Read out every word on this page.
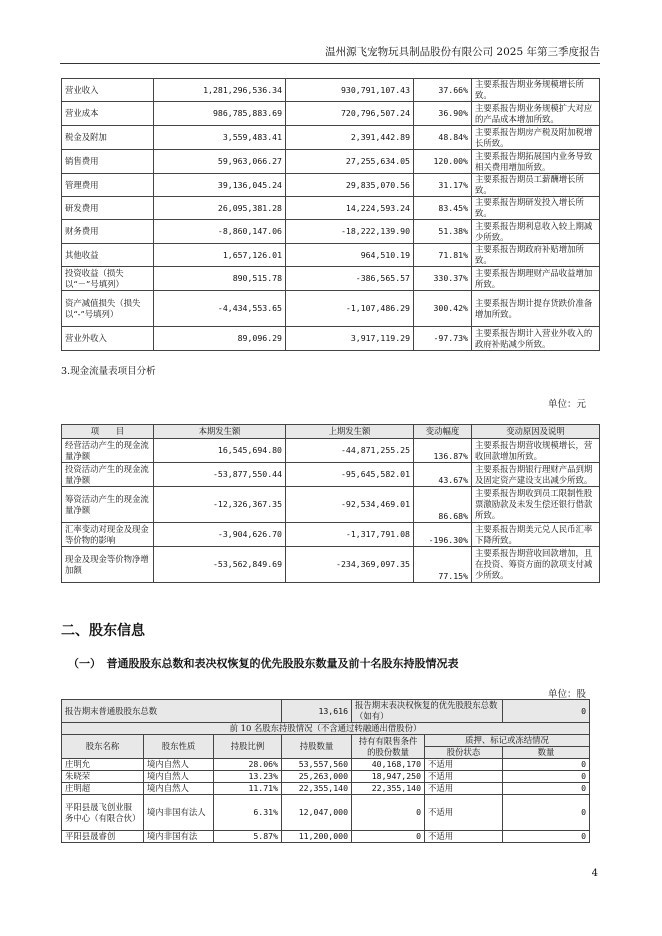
温州源飞宠物玩具制品股份有限公司 2025 年第三季度报告
营业收入	1,281,296,536.34	930,791,107.43	37.66%	主要系报告期业务规模增长所致。
营业成本	986,785,883.69	720,796,507.24	36.90%	主要系报告期业务规模扩大对应的产品成本增加所致。
税金及附加	3,559,483.41	2,391,442.89	48.84%	主要系报告期房产税及附加税增长所致。
销售费用	59,963,066.27	27,255,634.05	120.00%	主要系报告期拓展国内业务导致相关费用增加所致。
管理费用	39,136,045.24	29,835,070.56	31.17%	主要系报告期员工薪酬增长所致。
研发费用	26,095,381.28	14,224,593.24	83.45%	主要系报告期研发投入增长所致。
财务费用	-8,860,147.06	-18,222,139.90	51.38%	主要系报告期利息收入较上期减少所致。
其他收益	1,657,126.01	964,510.19	71.81%	主要系报告期政府补贴增加所致。
投资收益（损失以“－”号填列）	890,515.78	-386,565.57	330.37%	主要系报告期理财产品收益增加所致。
资产减值损失（损失以“-”号填列）	-4,434,553.65	-1,107,486.29	300.42%	主要系报告期计提存货跌价准备增加所致。
营业外收入	89,096.29	3,917,119.29	-97.73%	主要系报告期计入营业外收入的政府补贴减少所致。
3.现金流量表项目分析
单位：元
项　　目	本期发生额	上期发生额	变动幅度	变动原因及说明
经营活动产生的现金流量净额	16,545,694.80	-44,871,255.25	136.87%	主要系报告期营收规模增长，营收回款增加所致。
投资活动产生的现金流量净额	-53,877,550.44	-95,645,582.01	43.67%	主要系报告期银行理财产品到期及固定资产建设支出减少所致。
筹资活动产生的现金流量净额	-12,326,367.35	-92,534,469.01	86.68%	主要系报告期收到员工限制性股票激励款及未发生偿还银行借款所致。
汇率变动对现金及现金等价物的影响	-3,904,626.70	-1,317,791.08	-196.30%	主要系报告期美元兑人民币汇率下降所致。
现金及现金等价物净增加额	-53,562,849.69	-234,369,097.35	77.15%	主要系报告期营收回款增加，且在投资、筹资方面的款项支付减少所致。
二、股东信息
（一）　普通股股东总数和表决权恢复的优先股股东数量及前十名股东持股情况表
单位：股
报告期末普通股股东总数			13,616	报告期末表决权恢复的优先股股东总数（如有）		0
前 10 名股东持股情况（不含通过转融通出借股份）						
股东名称	股东性质	持股比例	持股数量	持有有限售条件的股份数量	质押、标记或冻结情况	
					股份状态	数量
庄明允	境内自然人	28.06%	53,557,560	40,168,170	不适用	0
朱晓荣	境内自然人	13.23%	25,263,000	18,947,250	不适用	0
庄明超	境内自然人	11.71%	22,355,140	22,355,140	不适用	0
平阳县晟飞创业服务中心（有限合伙）	境内非国有法人	6.31%	12,047,000	0	不适用	0
平阳县晟睿创	境内非国有法	5.87%	11,200,000	0	不适用	0
4
